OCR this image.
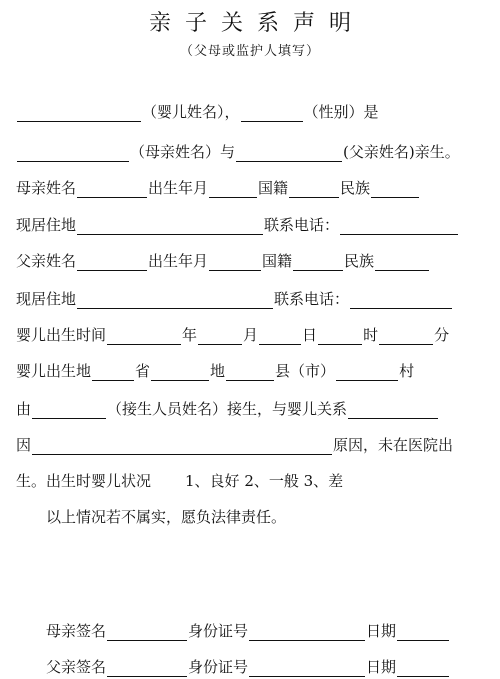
亲子关系声明
（父母或监护人填写）
（婴儿姓名），	（性别）是
（母亲姓名）与	(父亲姓名)亲生。
母亲姓名	出生年月	国籍	民族
现居住地	联系电话：
父亲姓名	出生年月	国籍	民族
现居住地	联系电话：
婴儿出生时间	年	月	日	时	分
婴儿出生地	省	地	县（市）	村
由	（接生人员姓名）接生，与婴儿关系
因	原因，未在医院出
生。出生时婴儿状况 1、良好 2、一般 3、差
以上情况若不属实，愿负法律责任。
母亲签名	身份证号	日期
父亲签名	身份证号	日期
